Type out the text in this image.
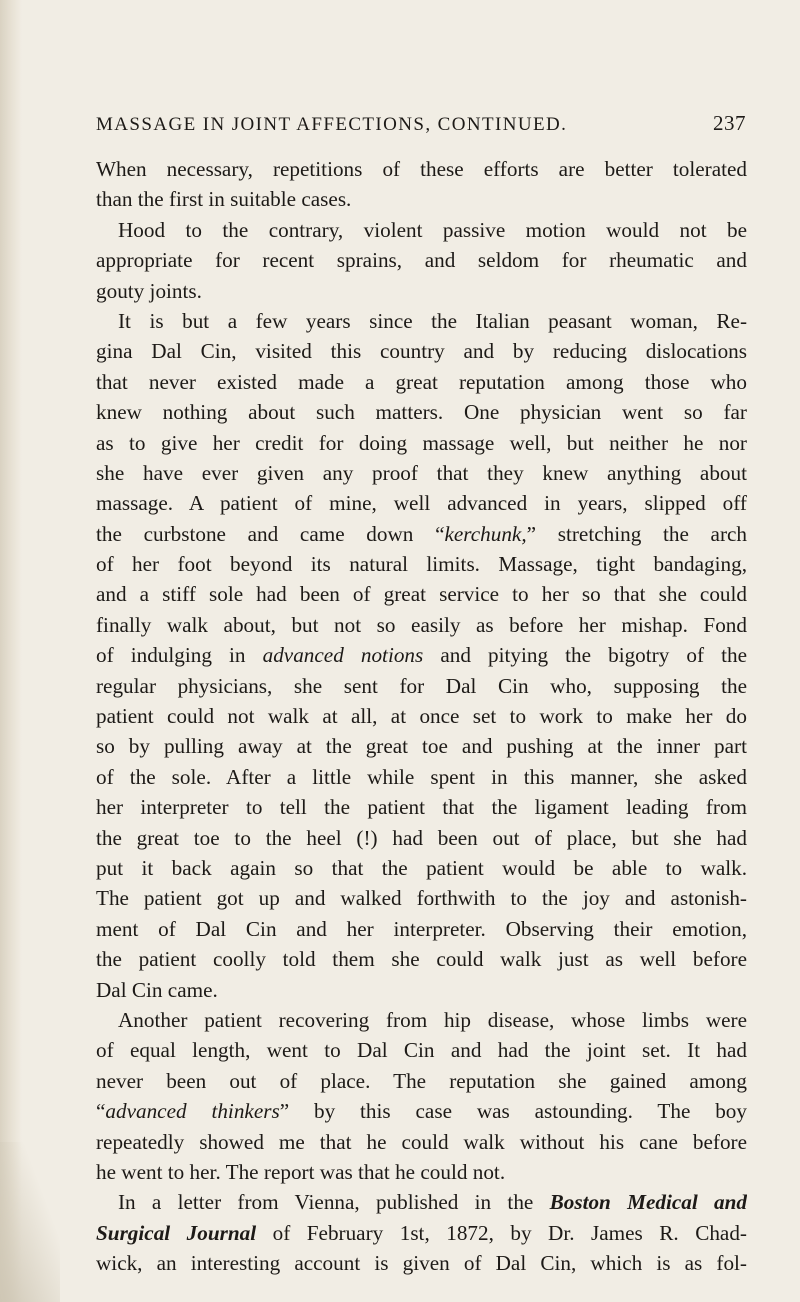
MASSAGE IN JOINT AFFECTIONS, CONTINUED.	237
When necessary, repetitions of these efforts are better tolerated
than the first in suitable cases.
Hood to the contrary, violent passive motion would not be
appropriate for recent sprains, and seldom for rheumatic and
gouty joints.
It is but a few years since the Italian peasant woman, Re-
gina Dal Cin, visited this country and by reducing dislocations
that never existed made a great reputation among those who
knew nothing about such matters. One physician went so far
as to give her credit for doing massage well, but neither he nor
she have ever given any proof that they knew anything about
massage. A patient of mine, well advanced in years, slipped off
the curbstone and came down “kerchunk,” stretching the arch
of her foot beyond its natural limits. Massage, tight bandaging,
and a stiff sole had been of great service to her so that she could
finally walk about, but not so easily as before her mishap. Fond
of indulging in advanced notions and pitying the bigotry of the
regular physicians, she sent for Dal Cin who, supposing the
patient could not walk at all, at once set to work to make her do
so by pulling away at the great toe and pushing at the inner part
of the sole. After a little while spent in this manner, she asked
her interpreter to tell the patient that the ligament leading from
the great toe to the heel (!) had been out of place, but she had
put it back again so that the patient would be able to walk.
The patient got up and walked forthwith to the joy and astonish-
ment of Dal Cin and her interpreter. Observing their emotion,
the patient coolly told them she could walk just as well before
Dal Cin came.
Another patient recovering from hip disease, whose limbs were
of equal length, went to Dal Cin and had the joint set. It had
never been out of place. The reputation she gained among
“advanced thinkers” by this case was astounding. The boy
repeatedly showed me that he could walk without his cane before
he went to her. The report was that he could not.
In a letter from Vienna, published in the Boston Medical and
Surgical Journal of February 1st, 1872, by Dr. James R. Chad-
wick, an interesting account is given of Dal Cin, which is as fol-
